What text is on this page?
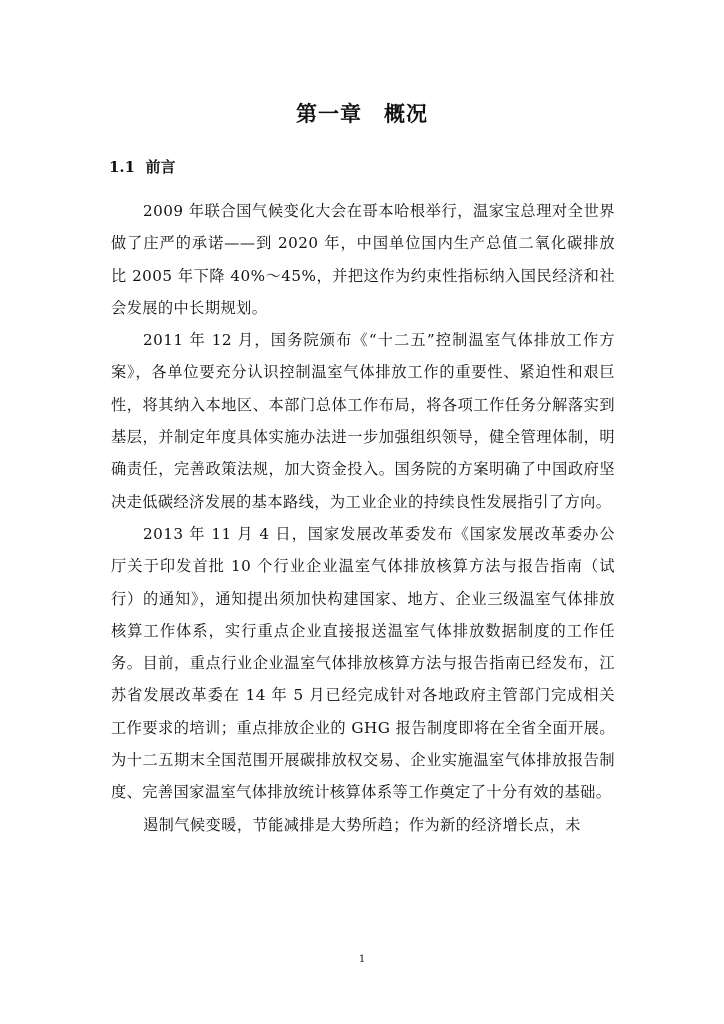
第一章　概况
1.1  前言

2009 年联合国气候变化大会在哥本哈根举行，温家宝总理对全世界做了庄严的承诺——到 2020 年，中国单位国内生产总值二氧化碳排放比 2005 年下降 40%～45%，并把这作为约束性指标纳入国民经济和社会发展的中长期规划。

2011 年 12 月，国务院颁布《“十二五”控制温室气体排放工作方案》，各单位要充分认识控制温室气体排放工作的重要性、紧迫性和艰巨性，将其纳入本地区、本部门总体工作布局，将各项工作任务分解落实到基层，并制定年度具体实施办法进一步加强组织领导，健全管理体制，明确责任，完善政策法规，加大资金投入。国务院的方案明确了中国政府坚决走低碳经济发展的基本路线，为工业企业的持续良性发展指引了方向。

2013 年 11 月 4 日，国家发展改革委发布《国家发展改革委办公厅关于印发首批 10 个行业企业温室气体排放核算方法与报告指南（试行）的通知》，通知提出须加快构建国家、地方、企业三级温室气体排放核算工作体系，实行重点企业直接报送温室气体排放数据制度的工作任务。目前，重点行业企业温室气体排放核算方法与报告指南已经发布，江苏省发展改革委在 14 年 5 月已经完成针对各地政府主管部门完成相关工作要求的培训；重点排放企业的 GHG 报告制度即将在全省全面开展。为十二五期末全国范围开展碳排放权交易、企业实施温室气体排放报告制度、完善国家温室气体排放统计核算体系等工作奠定了十分有效的基础。

遏制气候变暖，节能减排是大势所趋；作为新的经济增长点，未

1
